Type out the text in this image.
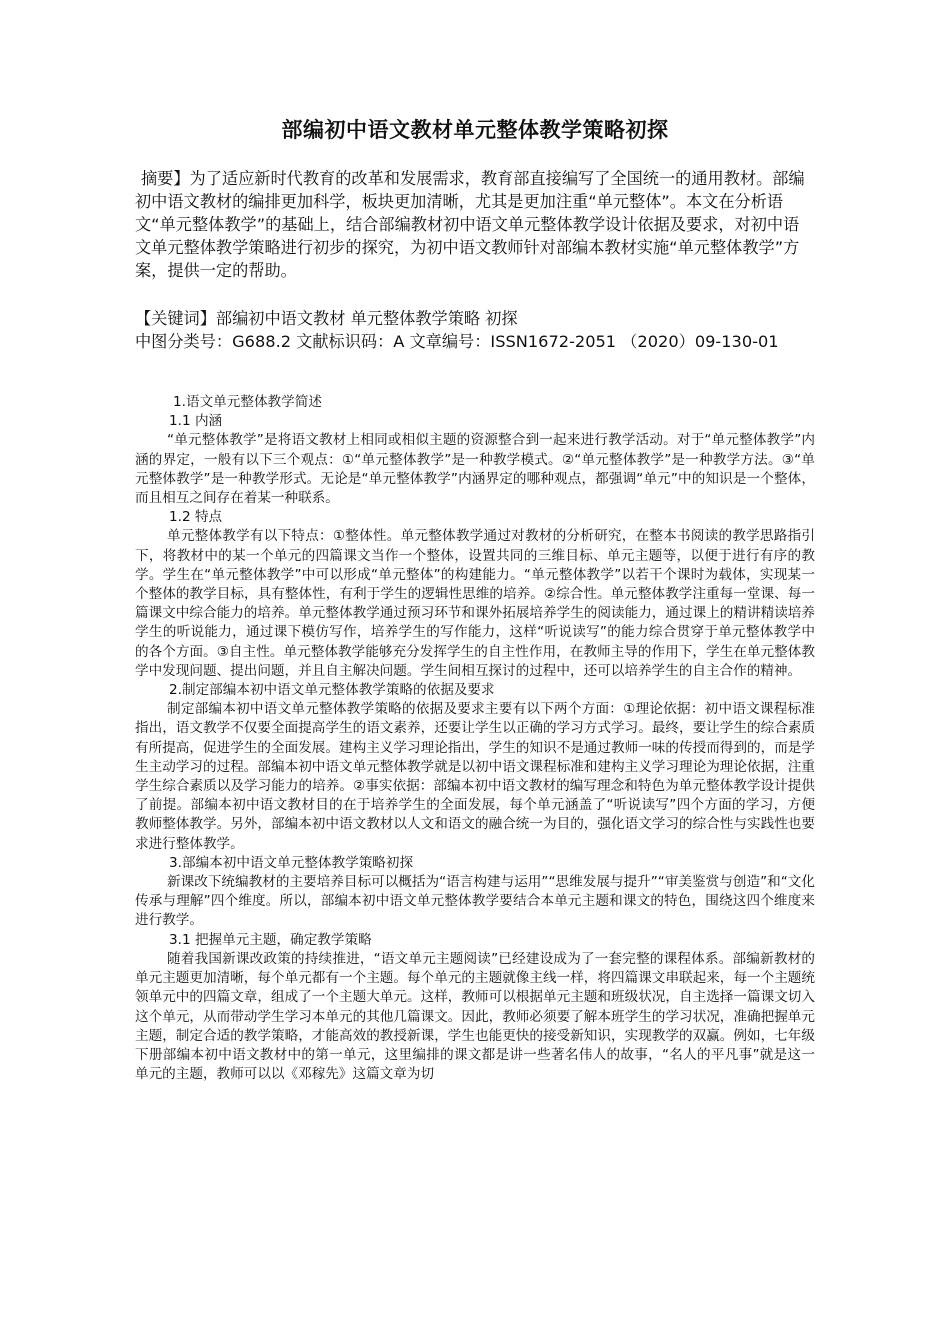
部编初中语文教材单元整体教学策略初探

摘要】为了适应新时代教育的改革和发展需求，教育部直接编写了全国统一的通用教材。部编初中语文教材的编排更加科学，板块更加清晰，尤其是更加注重“单元整体”。本文在分析语文“单元整体教学”的基础上，结合部编教材初中语文单元整体教学设计依据及要求，对初中语文单元整体教学策略进行初步的探究，为初中语文教师针对部编本教材实施“单元整体教学”方案，提供一定的帮助。

【关键词】部编初中语文教材 单元整体教学策略 初探

中图分类号：G688.2 文献标识码：A 文章编号：ISSN1672-2051 （2020）09-130-01

1.语文单元整体教学简述

1.1 内涵

“单元整体教学”是将语文教材上相同或相似主题的资源整合到一起来进行教学活动。对于“单元整体教学”内涵的界定，一般有以下三个观点：①“单元整体教学”是一种教学模式。②“单元整体教学”是一种教学方法。③“单元整体教学”是一种教学形式。无论是“单元整体教学”内涵界定的哪种观点，都强调“单元”中的知识是一个整体，而且相互之间存在着某一种联系。

1.2 特点

单元整体教学有以下特点：①整体性。单元整体教学通过对教材的分析研究，在整本书阅读的教学思路指引下，将教材中的某一个单元的四篇课文当作一个整体，设置共同的三维目标、单元主题等，以便于进行有序的教学。学生在“单元整体教学”中可以形成“单元整体”的构建能力。“单元整体教学”以若干个课时为载体，实现某一个整体的教学目标，具有整体性，有利于学生的逻辑性思维的培养。②综合性。单元整体教学注重每一堂课、每一篇课文中综合能力的培养。单元整体教学通过预习环节和课外拓展培养学生的阅读能力，通过课上的精讲精读培养学生的听说能力，通过课下模仿写作，培养学生的写作能力，这样“听说读写”的能力综合贯穿于单元整体教学中的各个方面。③自主性。单元整体教学能够充分发挥学生的自主性作用，在教师主导的作用下，学生在单元整体教学中发现问题、提出问题，并且自主解决问题。学生间相互探讨的过程中，还可以培养学生的自主合作的精神。

2.制定部编本初中语文单元整体教学策略的依据及要求

制定部编本初中语文单元整体教学策略的依据及要求主要有以下两个方面：①理论依据：初中语文课程标准指出，语文教学不仅要全面提高学生的语文素养，还要让学生以正确的学习方式学习。最终，要让学生的综合素质有所提高，促进学生的全面发展。建构主义学习理论指出，学生的知识不是通过教师一味的传授而得到的，而是学生主动学习的过程。部编本初中语文单元整体教学就是以初中语文课程标准和建构主义学习理论为理论依据，注重学生综合素质以及学习能力的培养。②事实依据：部编本初中语文教材的编写理念和特色为单元整体教学设计提供了前提。部编本初中语文教材目的在于培养学生的全面发展，每个单元涵盖了“听说读写”四个方面的学习，方便教师整体教学。另外，部编本初中语文教材以人文和语文的融合统一为目的，强化语文学习的综合性与实践性也要求进行整体教学。

3.部编本初中语文单元整体教学策略初探

新课改下统编教材的主要培养目标可以概括为“语言构建与运用”“思维发展与提升”“审美鉴赏与创造”和“文化传承与理解”四个维度。所以，部编本初中语文单元整体教学要结合本单元主题和课文的特色，围绕这四个维度来进行教学。

3.1 把握单元主题，确定教学策略

随着我国新课改政策的持续推进，“语文单元主题阅读”已经建设成为了一套完整的课程体系。部编新教材的单元主题更加清晰，每个单元都有一个主题。每个单元的主题就像主线一样，将四篇课文串联起来，每一个主题统领单元中的四篇文章，组成了一个主题大单元。这样，教师可以根据单元主题和班级状况，自主选择一篇课文切入这个单元，从而带动学生学习本单元的其他几篇课文。因此，教师必须要了解本班学生的学习状况，准确把握单元主题，制定合适的教学策略，才能高效的教授新课，学生也能更快的接受新知识，实现教学的双赢。例如，七年级下册部编本初中语文教材中的第一单元，这里编排的课文都是讲一些著名伟人的故事，“名人的平凡事”就是这一单元的主题，教师可以以《邓稼先》这篇文章为切
